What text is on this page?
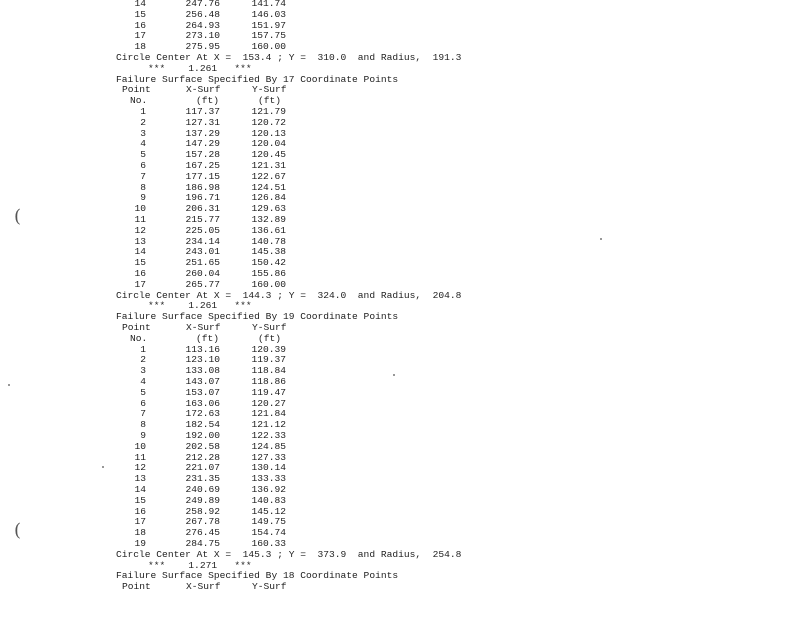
14	247.76	141.74
15	256.48	146.03
16	264.93	151.97
17	273.10	157.75
18	275.95	160.00
Circle Center At X =  153.4 ; Y =  310.0  and Radius,  191.3
***    1.261   ***
Failure Surface Specified By 17 Coordinate Points
Point	X-Surf	Y-Surf
No.	(ft)	(ft)
1	117.37	121.79
2	127.31	120.72
3	137.29	120.13
4	147.29	120.04
5	157.28	120.45
6	167.25	121.31
7	177.15	122.67
8	186.98	124.51
9	196.71	126.84
10	206.31	129.63
11	215.77	132.89
12	225.05	136.61
13	234.14	140.78
14	243.01	145.38
15	251.65	150.42
16	260.04	155.86
17	265.77	160.00
Circle Center At X =  144.3 ; Y =  324.0  and Radius,  204.8
***    1.261   ***
Failure Surface Specified By 19 Coordinate Points
Point	X-Surf	Y-Surf
No.	(ft)	(ft)
1	113.16	120.39
2	123.10	119.37
3	133.08	118.84
4	143.07	118.86
5	153.07	119.47
6	163.06	120.27
7	172.63	121.84
8	182.54	121.12
9	192.00	122.33
10	202.58	124.85
11	212.28	127.33
12	221.07	130.14
13	231.35	133.33
14	240.69	136.92
15	249.89	140.83
16	258.92	145.12
17	267.78	149.75
18	276.45	154.74
19	284.75	160.33
Circle Center At X =  145.3 ; Y =  373.9  and Radius,  254.8
***    1.271   ***
Failure Surface Specified By 18 Coordinate Points
Point	X-Surf	Y-Surf
(
(
